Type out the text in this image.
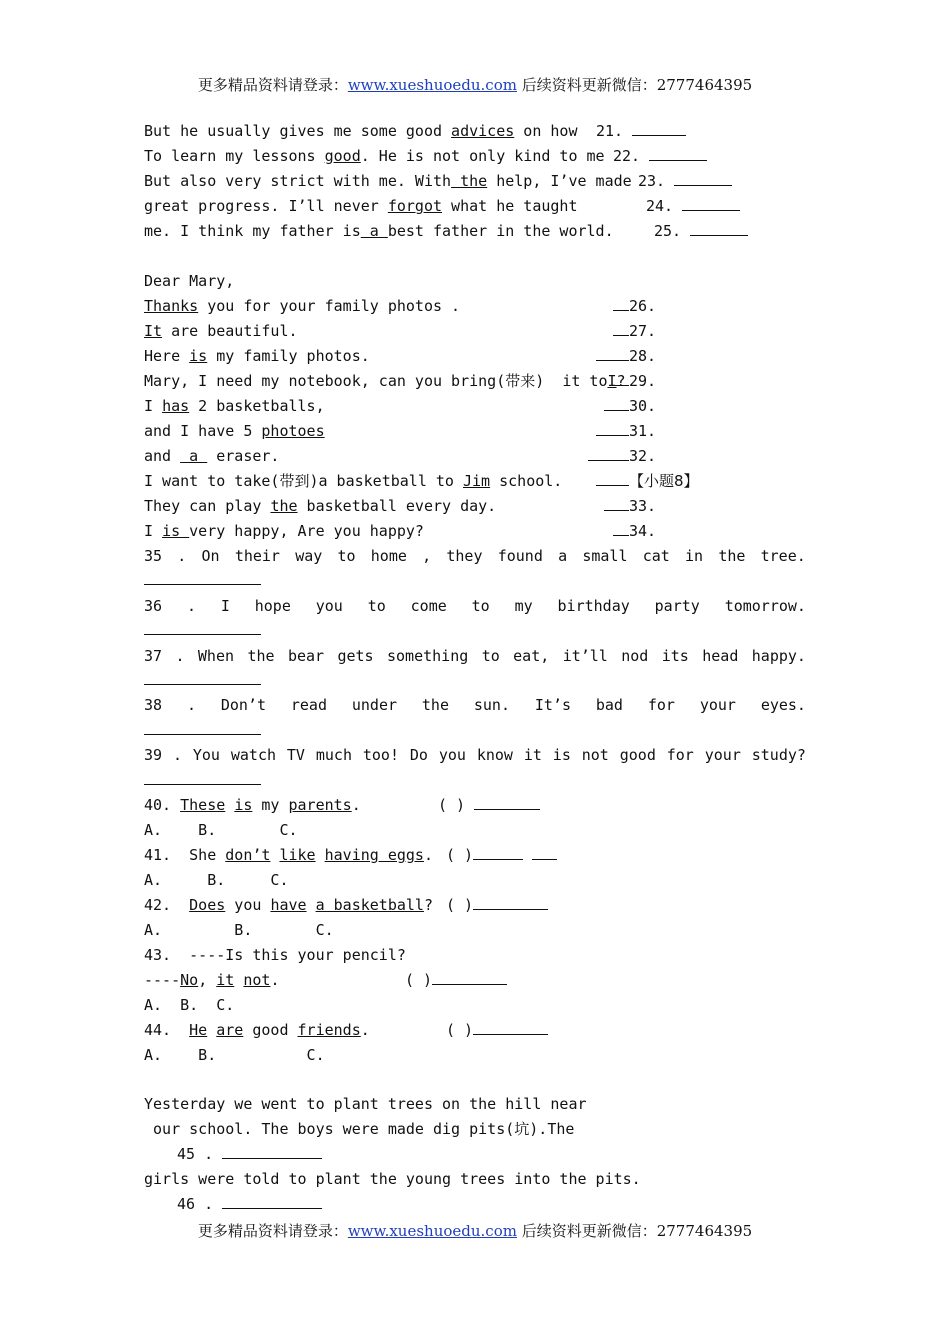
更多精品资料请登录：www.xueshuoedu.com 后续资料更新微信：2777464395
But he usually gives me some good advices on how 21.
To learn my lessons good. He is not only kind to me 22.
But also very strict with me. With the help, I’ve made 23.
great progress. I’ll never forgot what he taught	24.
me. I think my father is a best father in the world.	25.
Dear Mary,
Thanks you for your family photos .	26.
It are beautiful.	27.
Here is my family photos.	28.
Mary, I need my notebook, can you bring(带来)  it toI? 29.
I has 2 basketballs,	30.
and I have 5 photoes	31.
and  a  eraser.	32.
I want to take(带到)a basketball to Jim school.	【小题8】
They can play the basketball every day.	33.
I is very happy, Are you happy?	34.
35 . On their way to home , they found a small cat in the tree.
36 . I hope you to come to my birthday party tomorrow.
37 . When the bear gets something to eat, it’ll nod its head happy.
38 . Don’t read under the sun. It’s bad for your eyes.
39 . You watch TV much too! Do you know it is not good for your study?
40. These is my parents.	( )
A.    B.       C.
41.  She don’t like having eggs. ( )
A.     B.     C.
42.  Does you have a basketball? ( )
A.        B.       C.
43.  ----Is this your pencil?
----No, it not.	( )
A.  B.  C.
44.  He are good friends.	( )
A.    B.          C.
Yesterday we went to plant trees on the hill near
our school. The boys were made dig pits(坑).The
45 .
girls were told to plant the young trees into the pits.
46 .
更多精品资料请登录：www.xueshuoedu.com 后续资料更新微信：2777464395
